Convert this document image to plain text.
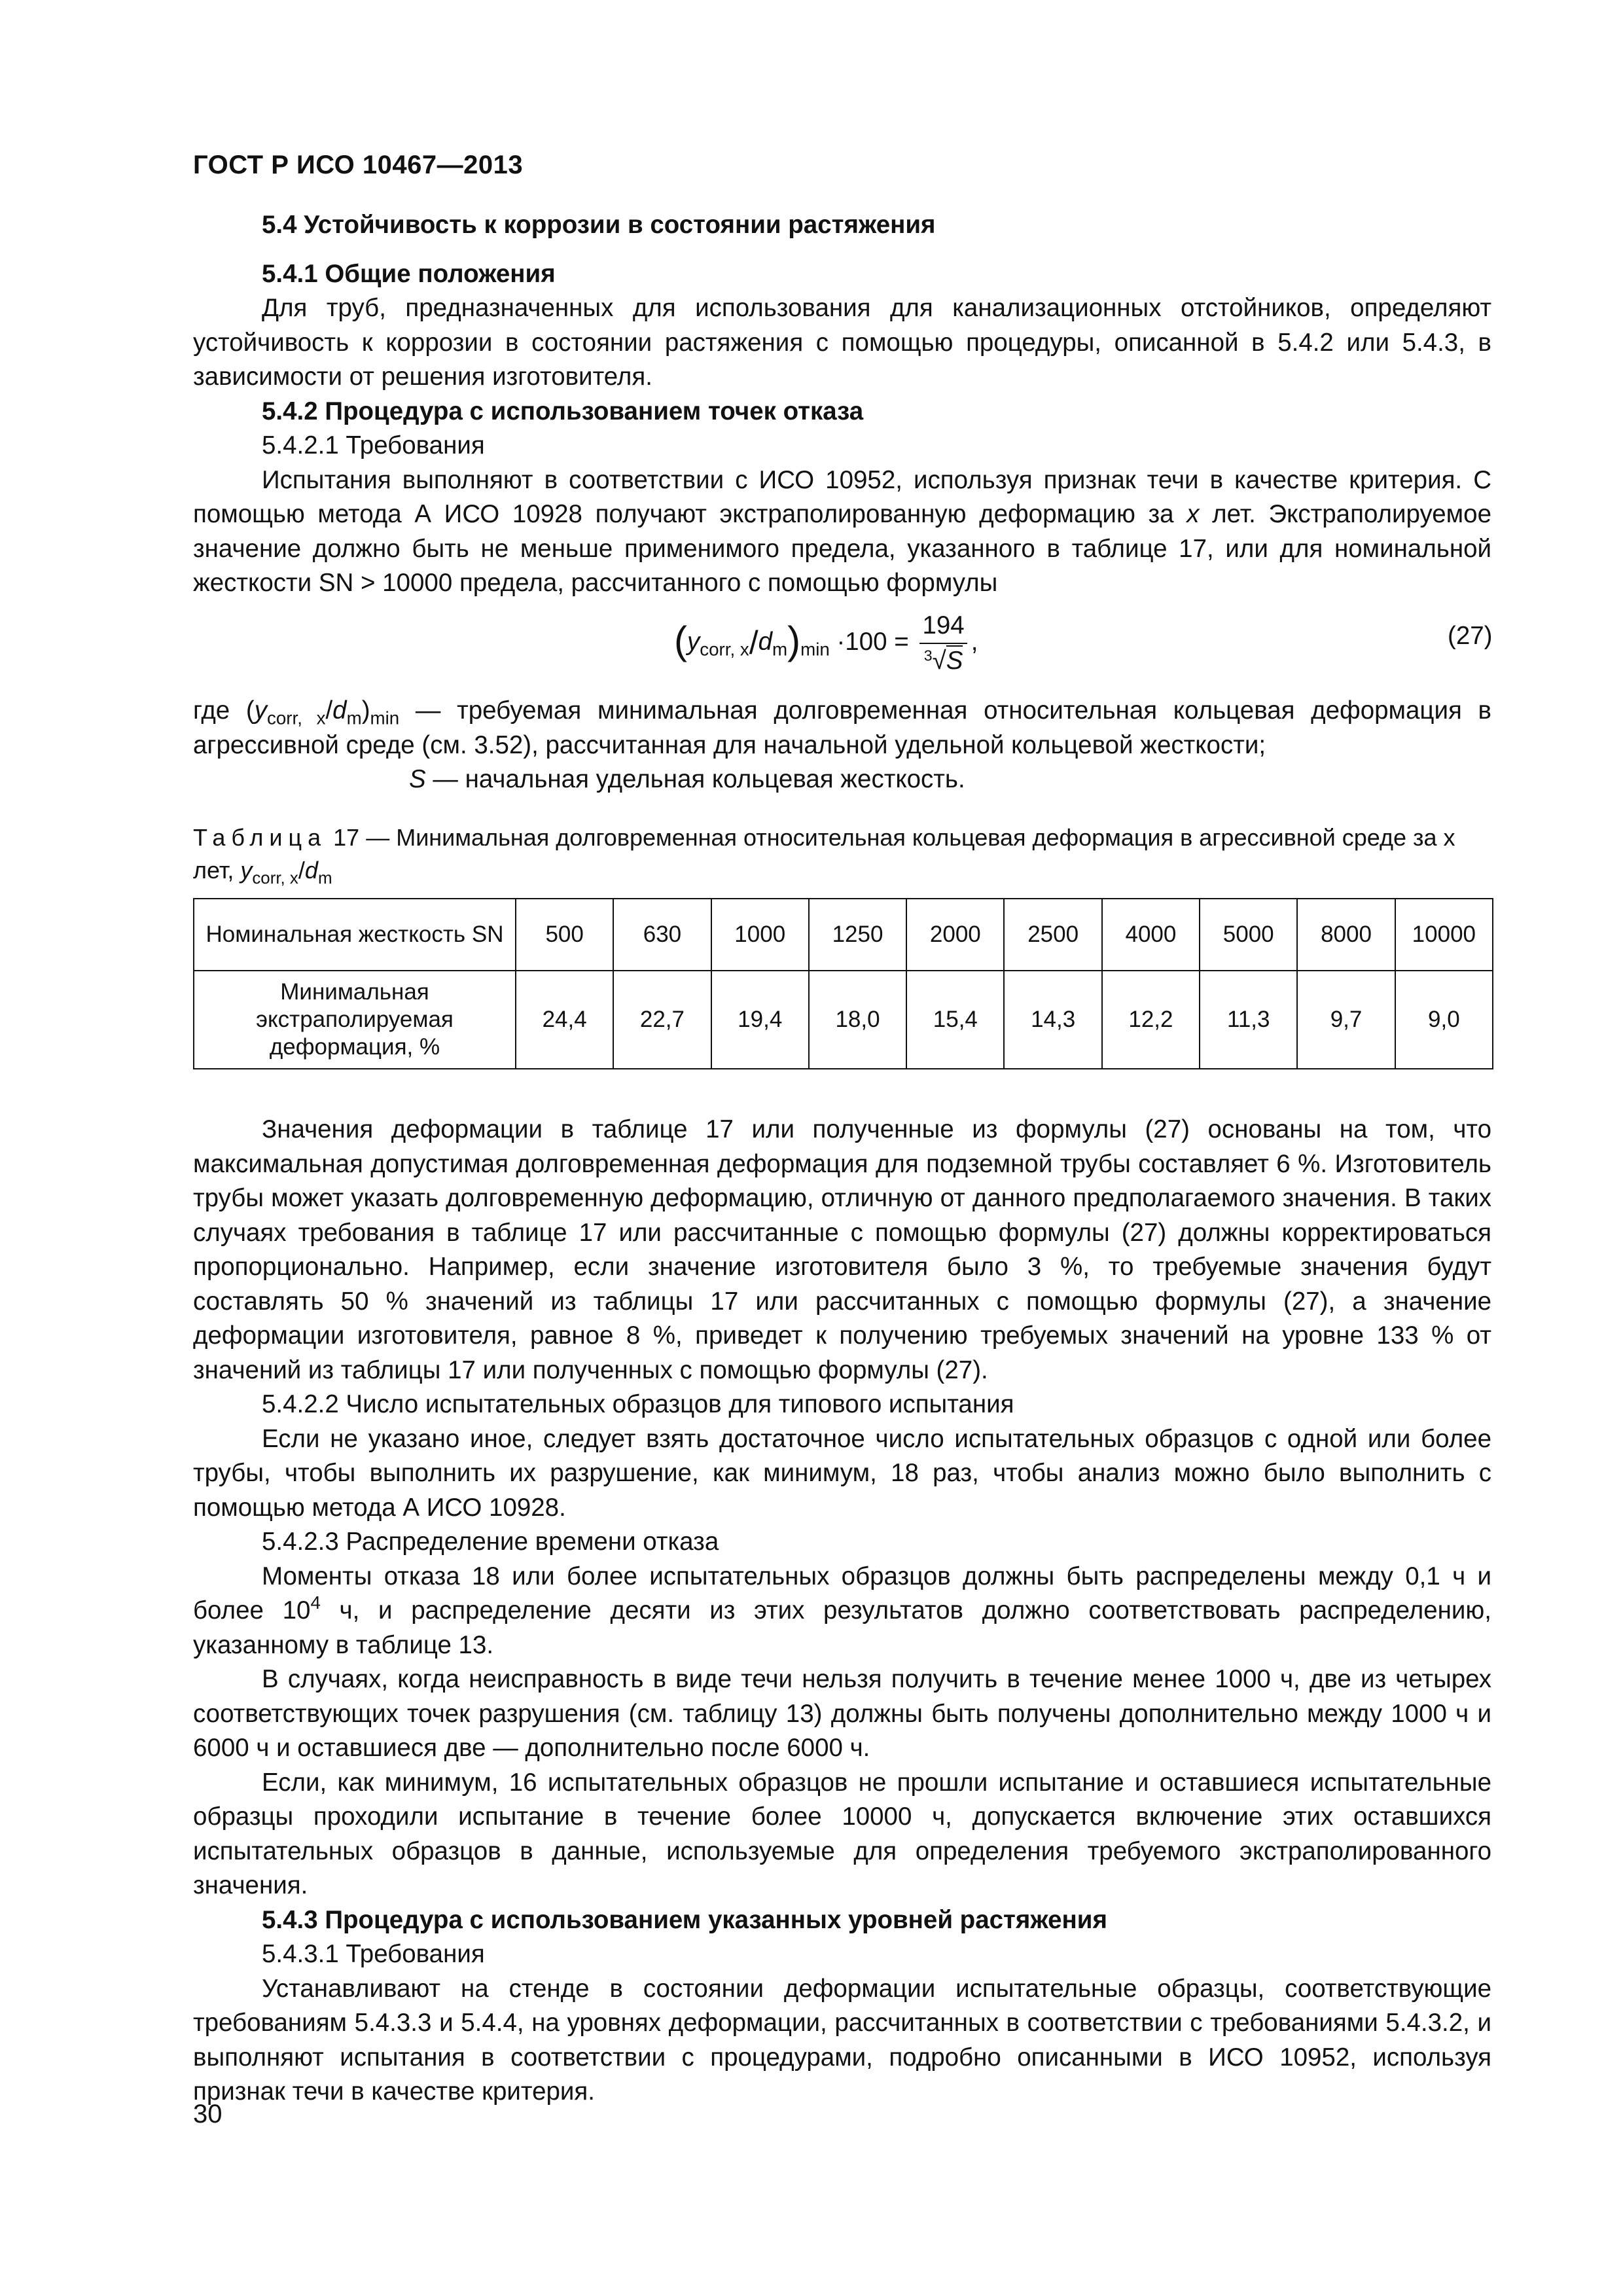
ГОСТ Р ИСО 10467—2013

5.4 Устойчивость к коррозии в состоянии растяжения

5.4.1 Общие положения

Для труб, предназначенных для использования для канализационных отстойников, определяют устойчивость к коррозии в состоянии растяжения с помощью процедуры, описанной в 5.4.2 или 5.4.3, в зависимости от решения изготовителя.

5.4.2 Процедура с использованием точек отказа

5.4.2.1 Требования

Испытания выполняют в соответствии с ИСО 10952, используя признак течи в качестве критерия. С помощью метода А ИСО 10928 получают экстраполированную деформацию за x лет. Экстраполируемое значение должно быть не меньше применимого предела, указанного в таблице 17, или для номинальной жесткости SN > 10000 предела, рассчитанного с помощью формулы

$(y_{corr, x}/d_m)_{min} \cdot 100 = \frac{194}{^3√S}$ ,	(27)

где $(y_{corr, x}/d_m)_{min}$ — требуемая минимальная долговременная относительная кольцевая деформация в агрессивной среде (см. 3.52), рассчитанная для начальной удельной кольцевой жесткости;

S — начальная удельная кольцевая жесткость.

Таблица 17 — Минимальная долговременная относительная кольцевая деформация в агрессивной среде за x лет, $y_{corr, x}/d_m$
Номинальная жесткость SN	500	630	1000	1250	2000	2500	4000	5000	8000	10000
Минимальная экстраполируемая деформация, %	24,4	22,7	19,4	18,0	15,4	14,3	12,2	11,3	9,7	9,0

Значения деформации в таблице 17 или полученные из формулы (27) основаны на том, что максимальная допустимая долговременная деформация для подземной трубы составляет 6 %. Изготовитель трубы может указать долговременную деформацию, отличную от данного предполагаемого значения. В таких случаях требования в таблице 17 или рассчитанные с помощью формулы (27) должны корректироваться пропорционально. Например, если значение изготовителя было 3 %, то требуемые значения будут составлять 50 % значений из таблицы 17 или рассчитанных с помощью формулы (27), а значение деформации изготовителя, равное 8 %, приведет к получению требуемых значений на уровне 133 % от значений из таблицы 17 или полученных с помощью формулы (27).

5.4.2.2 Число испытательных образцов для типового испытания

Если не указано иное, следует взять достаточное число испытательных образцов с одной или более трубы, чтобы выполнить их разрушение, как минимум, 18 раз, чтобы анализ можно было выполнить с помощью метода А ИСО 10928.

5.4.2.3 Распределение времени отказа

Моменты отказа 18 или более испытательных образцов должны быть распределены между 0,1 ч и более $10^4$ ч, и распределение десяти из этих результатов должно соответствовать распределению, указанному в таблице 13.

В случаях, когда неисправность в виде течи нельзя получить в течение менее 1000 ч, две из четырех соответствующих точек разрушения (см. таблицу 13) должны быть получены дополнительно между 1000 ч и 6000 ч и оставшиеся две — дополнительно после 6000 ч.

Если, как минимум, 16 испытательных образцов не прошли испытание и оставшиеся испытательные образцы проходили испытание в течение более 10000 ч, допускается включение этих оставшихся испытательных образцов в данные, используемые для определения требуемого экстраполированного значения.

5.4.3 Процедура с использованием указанных уровней растяжения

5.4.3.1 Требования

Устанавливают на стенде в состоянии деформации испытательные образцы, соответствующие требованиям 5.4.3.3 и 5.4.4, на уровнях деформации, рассчитанных в соответствии с требованиями 5.4.3.2, и выполняют испытания в соответствии с процедурами, подробно описанными в ИСО 10952, используя признак течи в качестве критерия.

30
